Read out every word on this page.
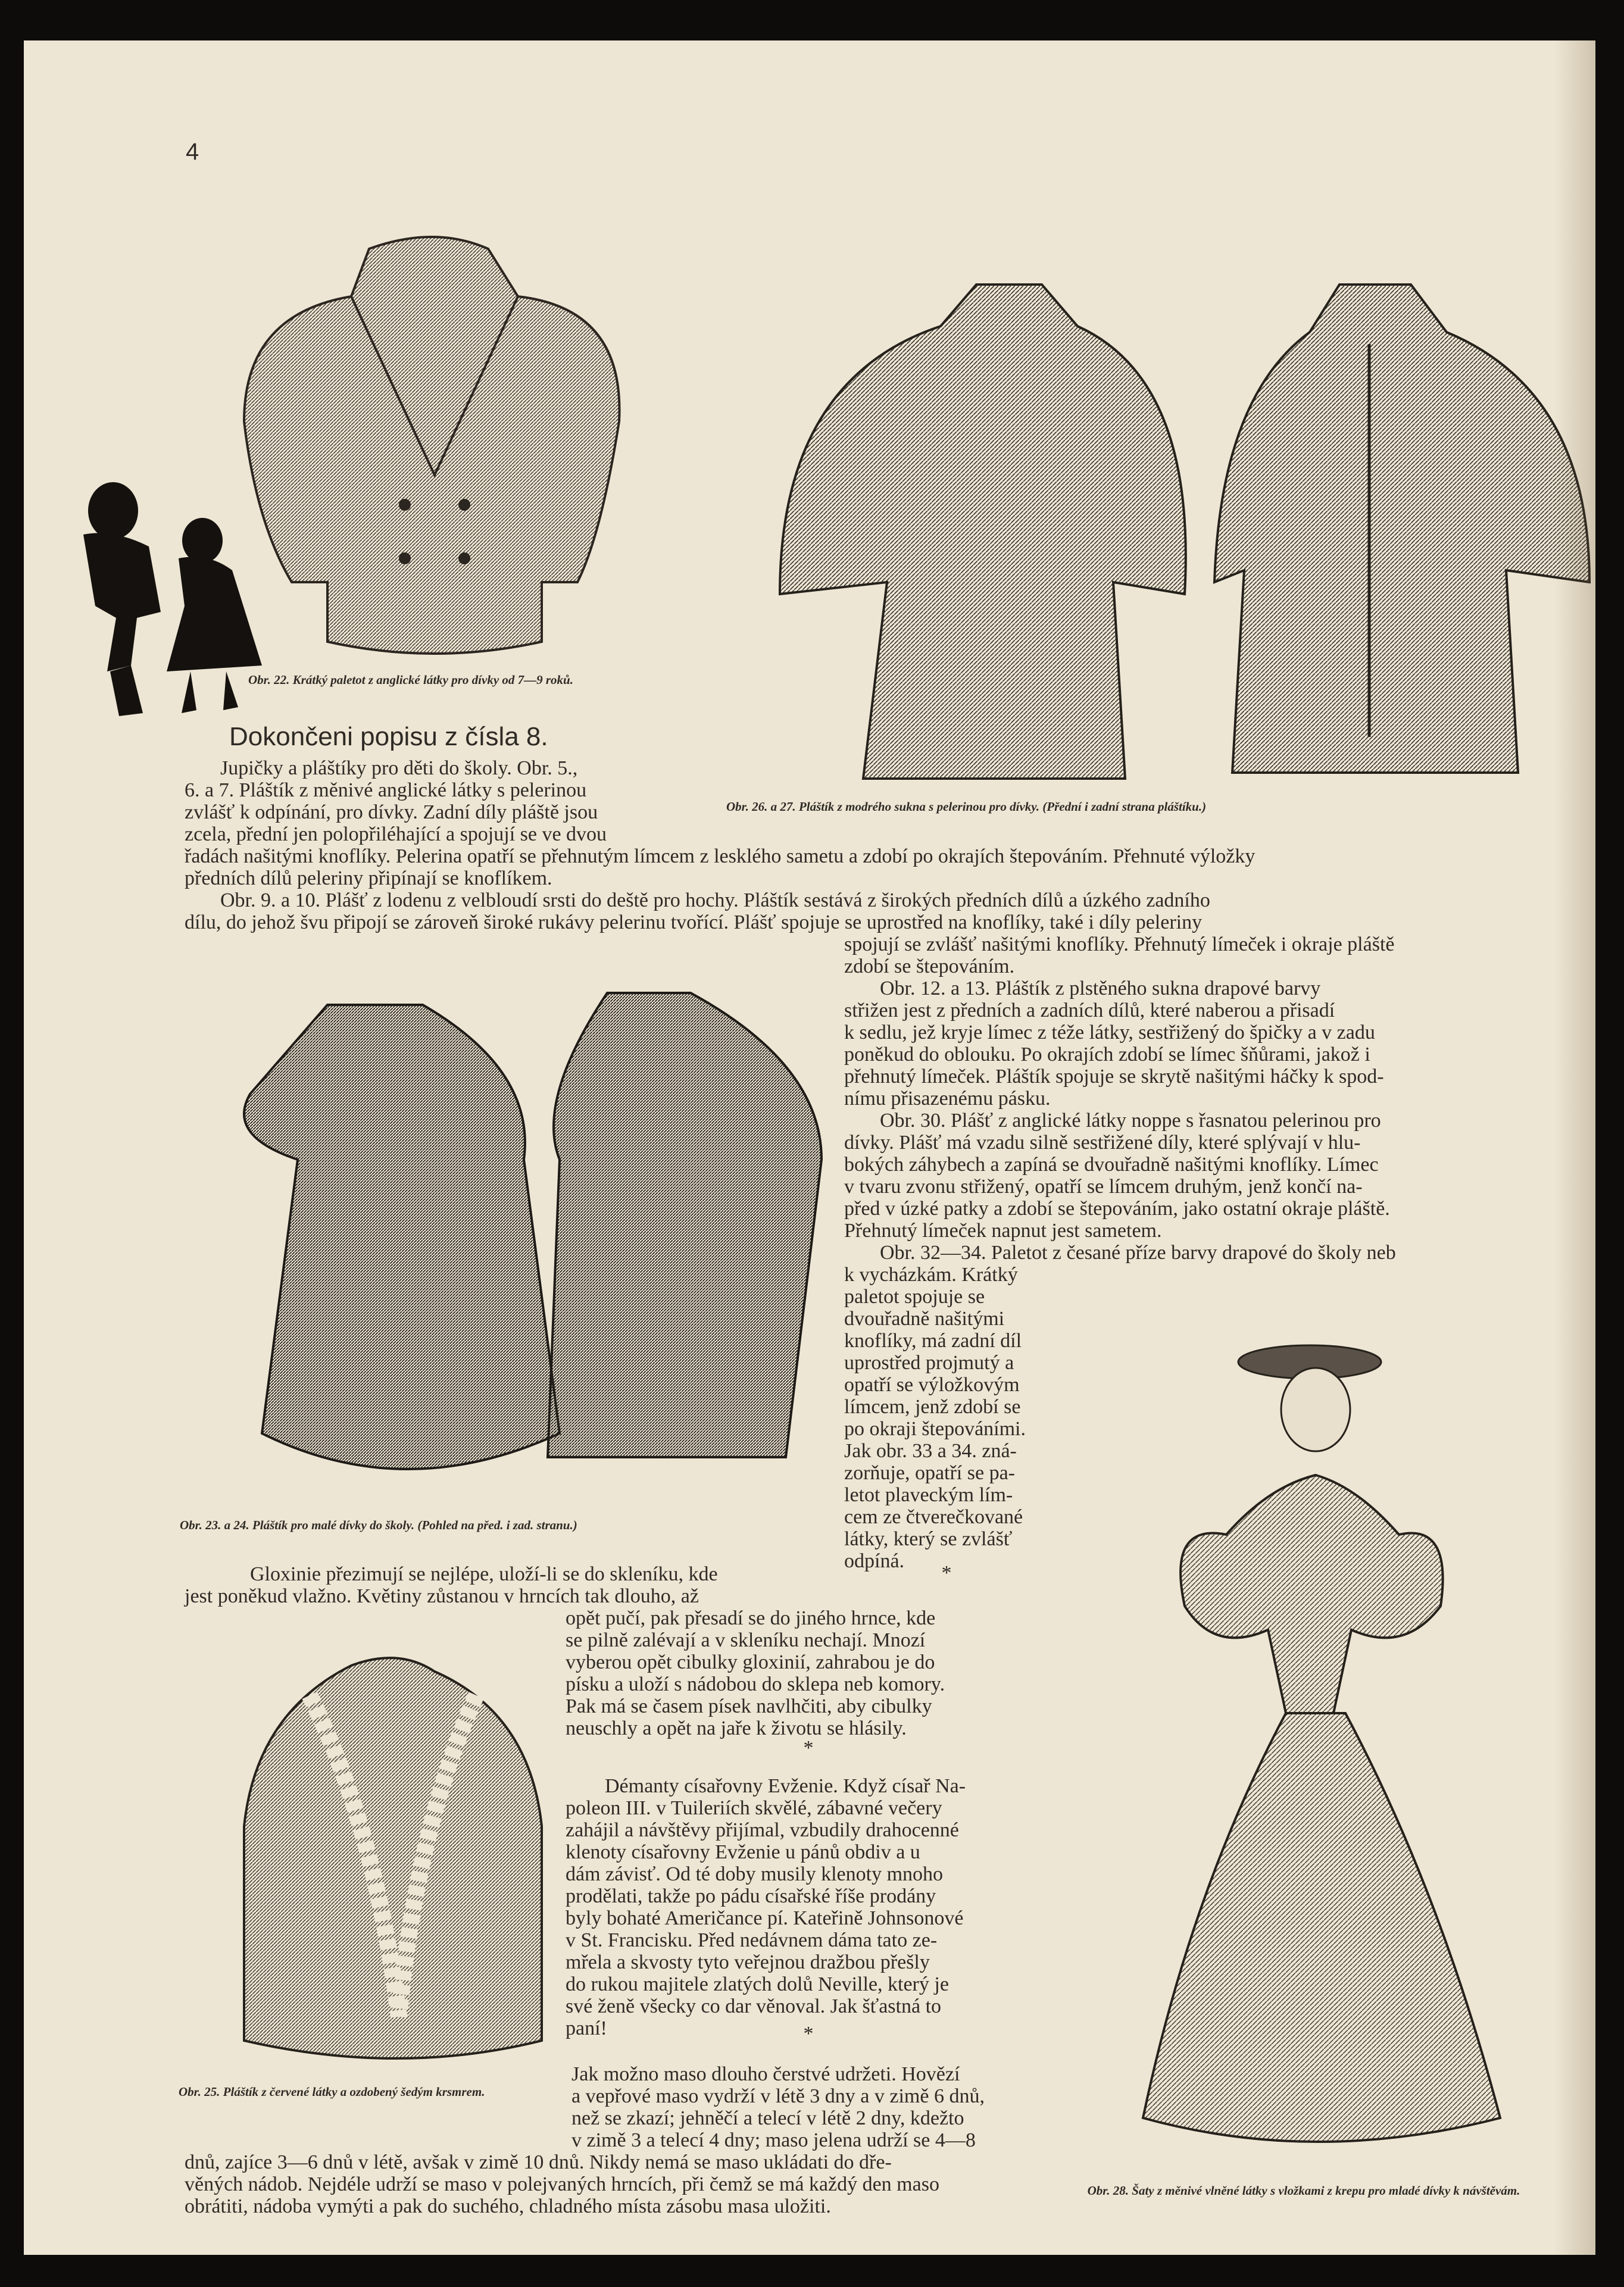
4
Obr. 22. Krátký paletot z anglické látky pro dívky od 7—9 roků.
Dokončeni popisu z čísla 8.
Obr. 26. a 27. Pláštík z modrého sukna s pelerinou pro dívky. (Přední i zadní strana pláštíku.)
Jupičky a pláštíky pro děti do školy. Obr. 5.,
6. a 7. Pláštík z měnivé anglické látky s pelerinou
zvlášť k odpínání, pro dívky. Zadní díly pláště jsou
zcela, přední jen polopřiléhající a spojují se ve dvou
řadách našitými knoflíky. Pelerina opatří se přehnutým límcem z lesklého sametu a zdobí po okrajích štepováním. Přehnuté výložky
předních dílů peleriny připínají se knoflíkem.
Obr. 9. a 10. Plášť z lodenu z velbloudí srsti do deště pro hochy. Pláštík sestává z širokých předních dílů a úzkého zadního
dílu, do jehož švu připojí se zároveň široké rukávy pelerinu tvořící. Plášť spojuje se uprostřed na knoflíky, také i díly peleriny
spojují se zvlášť našitými knoflíky. Přehnutý límeček i okraje pláště
zdobí se štepováním.
Obr. 23. a 24. Pláštík pro malé dívky do školy. (Pohled na před. i zad. stranu.)
Obr. 12. a 13. Pláštík z plstěného sukna drapové barvy
střižen jest z předních a zadních dílů, které naberou a přisadí
k sedlu, jež kryje límec z téže látky, sestřižený do špičky a v zadu
poněkud do oblouku. Po okrajích zdobí se límec šňůrami, jakož i
přehnutý límeček. Pláštík spojuje se skrytě našitými háčky k spod-
nímu přisazenému pásku.
Obr. 30. Plášť z anglické látky noppe s řasnatou pelerinou pro
dívky. Plášť má vzadu silně sestřižené díly, které splývají v hlu-
bokých záhybech a zapíná se dvouřadně našitými knoflíky. Límec
v tvaru zvonu střižený, opatří se límcem druhým, jenž končí na-
před v úzké patky a zdobí se štepováním, jako ostatní okraje pláště.
Přehnutý límeček napnut jest sametem.
Obr. 32—34. Paletot z česané příze barvy drapové do školy neb
k vycházkám. Krátký
paletot spojuje se
dvouřadně našitými
knoflíky, má zadní díl
uprostřed projmutý a
opatří se výložkovým
límcem, jenž zdobí se
po okraji štepováními.
Jak obr. 33 a 34. zná-
zorňuje, opatří se pa-
letot plaveckým lím-
cem ze čtverečkované
látky, který se zvlášť
odpíná.
Obr. 28. Šaty z měnivé vlněné látky s vložkami z krepu pro mladé dívky k návštěvám.
*
Gloxinie přezimují se nejlépe, uloží-li se do skleníku, kde
jest poněkud vlažno. Květiny zůstanou v hrncích tak dlouho, až
opět pučí, pak přesadí se do jiného hrnce, kde
se pilně zalévají a v skleníku nechají. Mnozí
vyberou opět cibulky gloxinií, zahrabou je do
písku a uloží s nádobou do sklepa neb komory.
Pak má se časem písek navlhčiti, aby cibulky
neuschly a opět na jaře k životu se hlásily.
*
Démanty císařovny Evženie. Když císař Na-
poleon III. v Tuileriích skvělé, zábavné večery
zahájil a návštěvy přijímal, vzbudily drahocenné
klenoty císařovny Evženie u pánů obdiv a u
dám závisť. Od té doby musily klenoty mnoho
prodělati, takže po pádu císařské říše prodány
byly bohaté Američance pí. Kateřině Johnsonové
v St. Francisku. Před nedávnem dáma tato ze-
mřela a skvosty tyto veřejnou dražbou přešly
do rukou majitele zlatých dolů Neville, který je
své ženě všecky co dar věnoval. Jak šťastná to
paní!	*
Obr. 25. Pláštík z červené látky a ozdobený šedým krsmrem.
Jak možno maso dlouho čerstvé udržeti. Hovězí
a vepřové maso vydrží v létě 3 dny a v zimě 6 dnů,
než se zkazí; jehněčí a telecí v létě 2 dny, kdežto
v zimě 3 a telecí 4 dny; maso jelena udrží se 4—8
dnů, zajíce 3—6 dnů v létě, avšak v zimě 10 dnů. Nikdy nemá se maso ukládati do dře-
věných nádob. Nejdéle udrží se maso v polejvaných hrncích, při čemž se má každý den maso
obrátiti, nádoba vymýti a pak do suchého, chladného místa zásobu masa uložiti.
